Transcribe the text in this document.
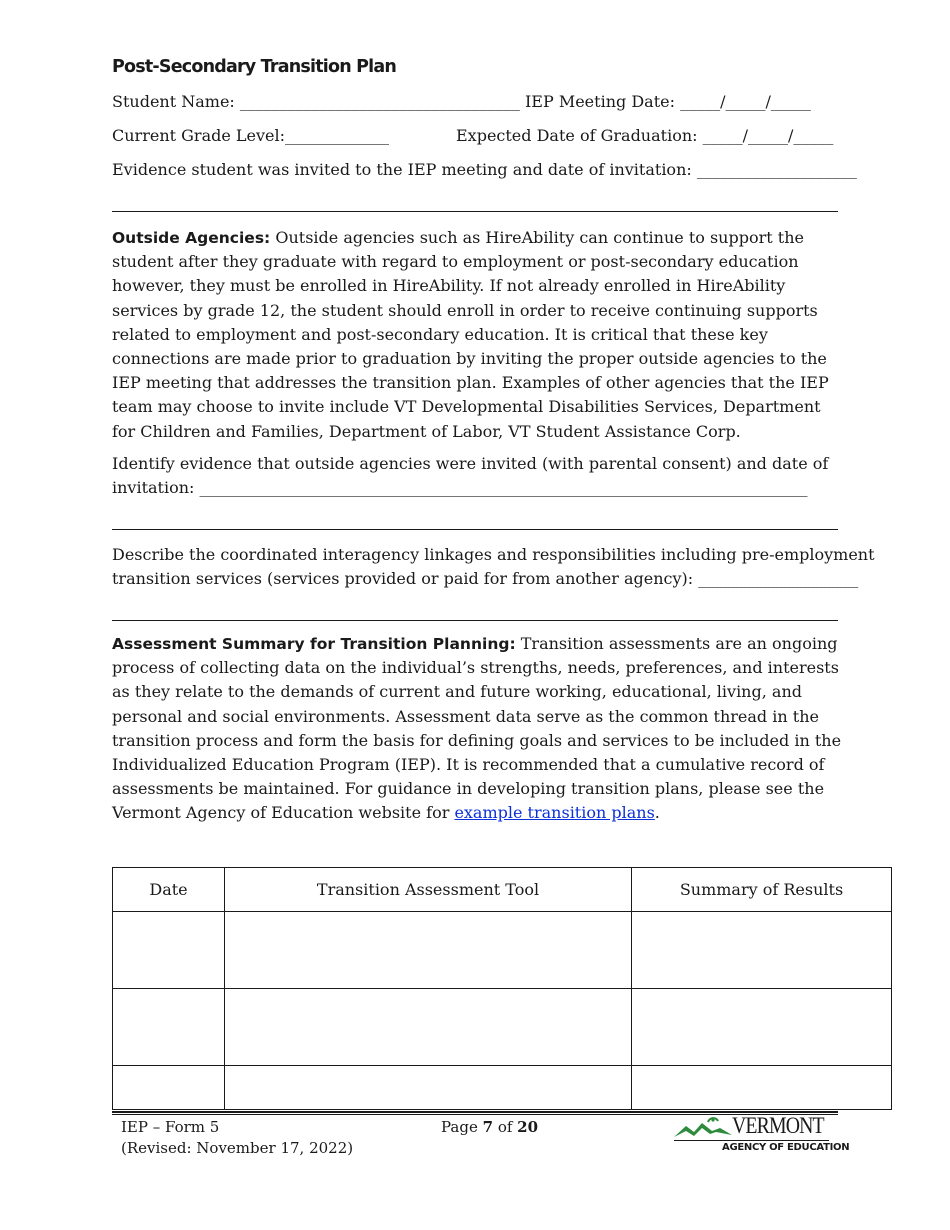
Post-Secondary Transition Plan
Student Name: ___________________________________ IEP Meeting Date: _____/_____/_____
Current Grade Level:_____________	Expected Date of Graduation: _____/_____/_____
Evidence student was invited to the IEP meeting and date of invitation: ____________________
Outside Agencies: Outside agencies such as HireAbility can continue to support the student after they graduate with regard to employment or post-secondary education however, they must be enrolled in HireAbility. If not already enrolled in HireAbility services by grade 12, the student should enroll in order to receive continuing supports related to employment and post-secondary education. It is critical that these key connections are made prior to graduation by inviting the proper outside agencies to the IEP meeting that addresses the transition plan. Examples of other agencies that the IEP team may choose to invite include VT Developmental Disabilities Services, Department for Children and Families, Department of Labor, VT Student Assistance Corp.
Identify evidence that outside agencies were invited (with parental consent) and date of
invitation: ____________________________________________________________________________
Describe the coordinated interagency linkages and responsibilities including pre-employment
transition services (services provided or paid for from another agency): ____________________
Assessment Summary for Transition Planning: Transition assessments are an ongoing process of collecting data on the individual’s strengths, needs, preferences, and interests as they relate to the demands of current and future working, educational, living, and personal and social environments. Assessment data serve as the common thread in the transition process and form the basis for defining goals and services to be included in the Individualized Education Program (IEP). It is recommended that a cumulative record of assessments be maintained. For guidance in developing transition plans, please see the Vermont Agency of Education website for example transition plans.
Date	Transition Assessment Tool	Summary of Results

IEP – Form 5
(Revised: November 17, 2022)
Page 7 of 20	VERMONT
AGENCY OF EDUCATION
